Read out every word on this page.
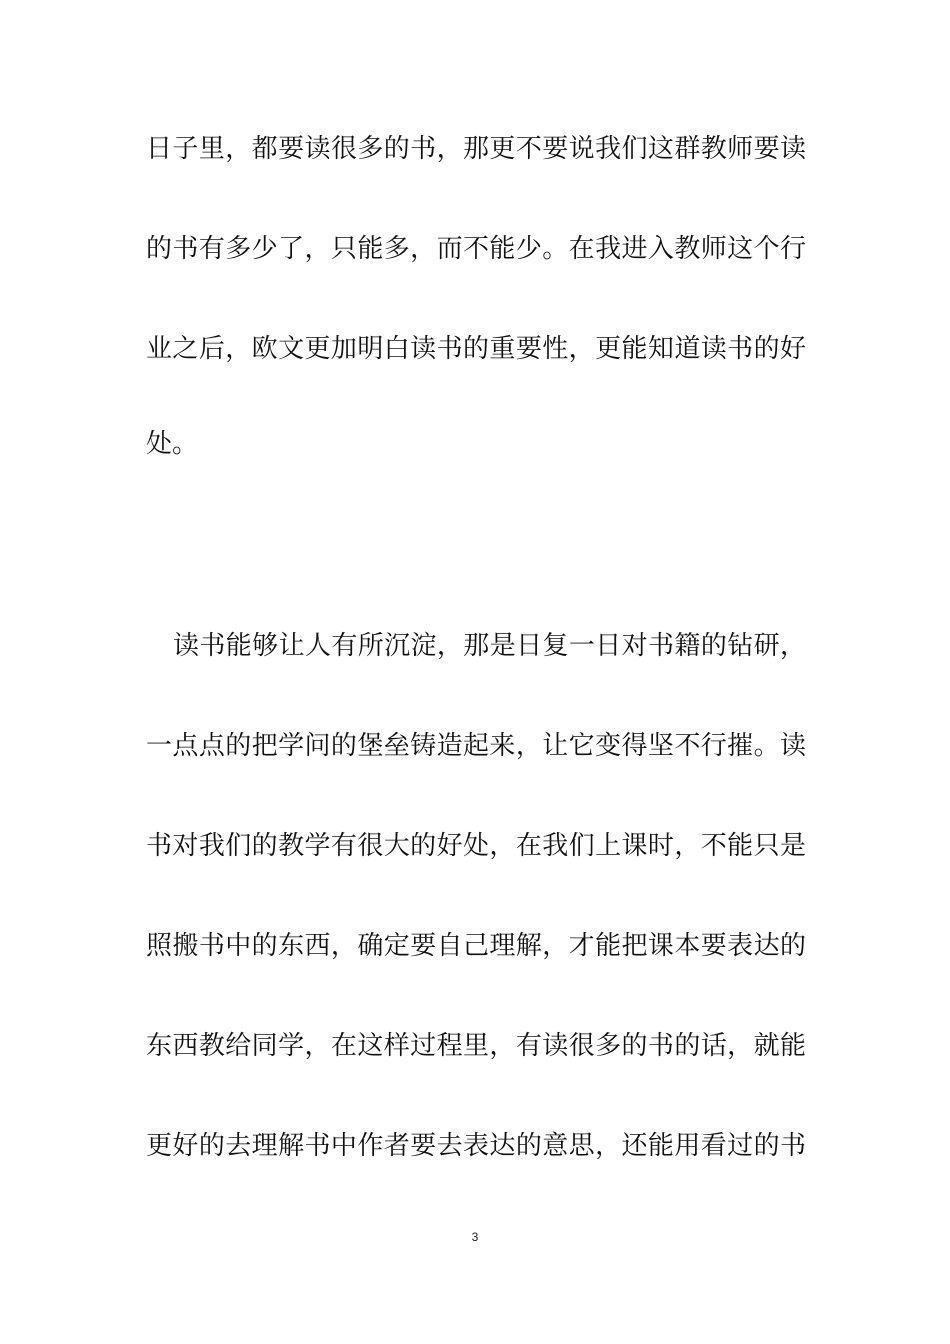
日子里，都要读很多的书，那更不要说我们这群教师要读
的书有多少了，只能多，而不能少。在我进入教师这个行
业之后，欧文更加明白读书的重要性，更能知道读书的好
处。
读书能够让人有所沉淀，那是日复一日对书籍的钻研，
一点点的把学问的堡垒铸造起来，让它变得坚不行摧。读
书对我们的教学有很大的好处，在我们上课时，不能只是
照搬书中的东西，确定要自己理解，才能把课本要表达的
东西教给同学，在这样过程里，有读很多的书的话，就能
更好的去理解书中作者要去表达的意思，还能用看过的书
3
